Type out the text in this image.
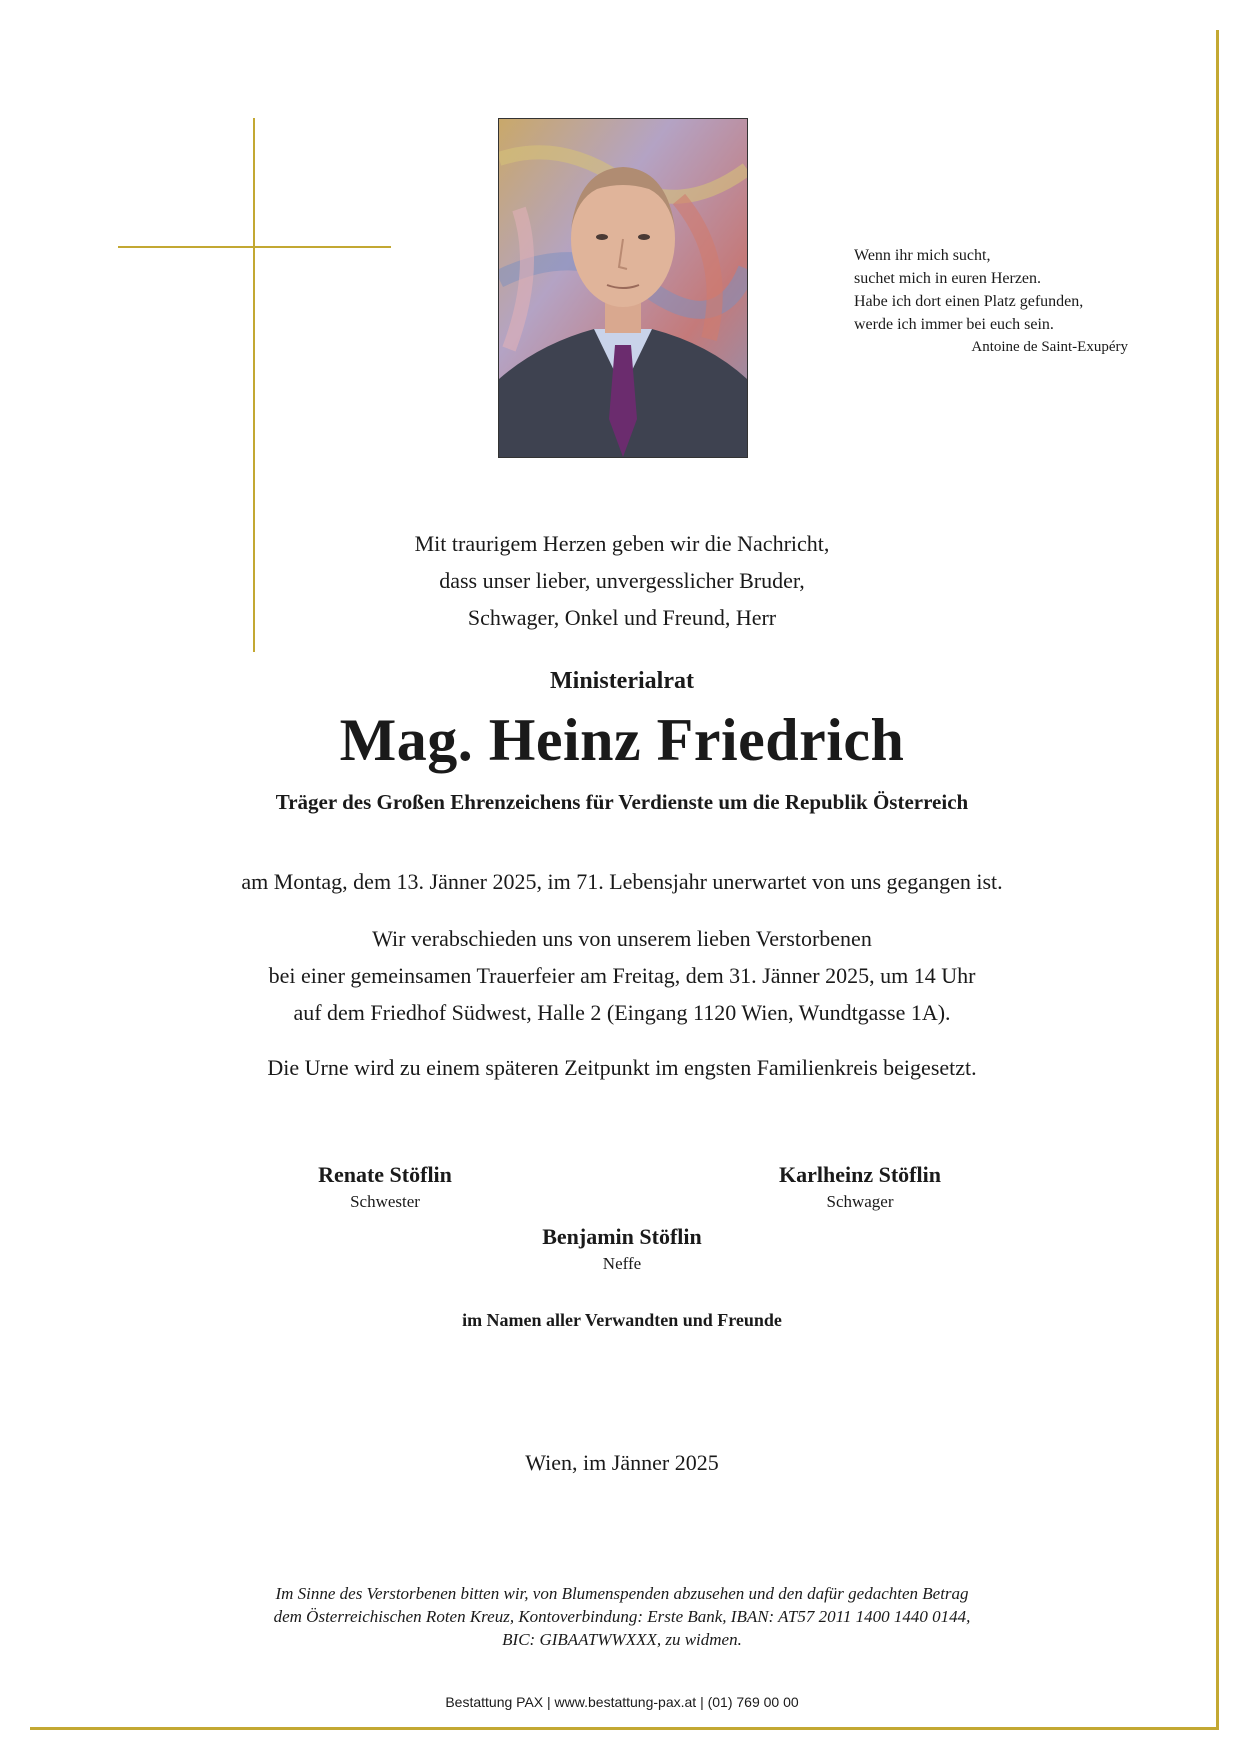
Wenn ihr mich sucht,
suchet mich in euren Herzen.
Habe ich dort einen Platz gefunden,
werde ich immer bei euch sein.
Antoine de Saint-Exupéry
Mit traurigem Herzen geben wir die Nachricht,
dass unser lieber, unvergesslicher Bruder,
Schwager, Onkel und Freund, Herr
Ministerialrat
Mag. Heinz Friedrich
Träger des Großen Ehrenzeichens für Verdienste um die Republik Österreich
am Montag, dem 13. Jänner 2025, im 71. Lebensjahr unerwartet von uns gegangen ist.
Wir verabschieden uns von unserem lieben Verstorbenen
bei einer gemeinsamen Trauerfeier am Freitag, dem 31. Jänner 2025, um 14 Uhr
auf dem Friedhof Südwest, Halle 2 (Eingang 1120 Wien, Wundtgasse 1A).
Die Urne wird zu einem späteren Zeitpunkt im engsten Familienkreis beigesetzt.
Renate Stöflin
Schwester
Karlheinz Stöflin
Schwager
Benjamin Stöflin
Neffe
im Namen aller Verwandten und Freunde
Wien, im Jänner 2025
Im Sinne des Verstorbenen bitten wir, von Blumenspenden abzusehen und den dafür gedachten Betrag
dem Österreichischen Roten Kreuz, Kontoverbindung: Erste Bank, IBAN: AT57 2011 1400 1440 0144,
BIC: GIBAATWWXXX, zu widmen.
Bestattung PAX | www.bestattung-pax.at | (01) 769 00 00
